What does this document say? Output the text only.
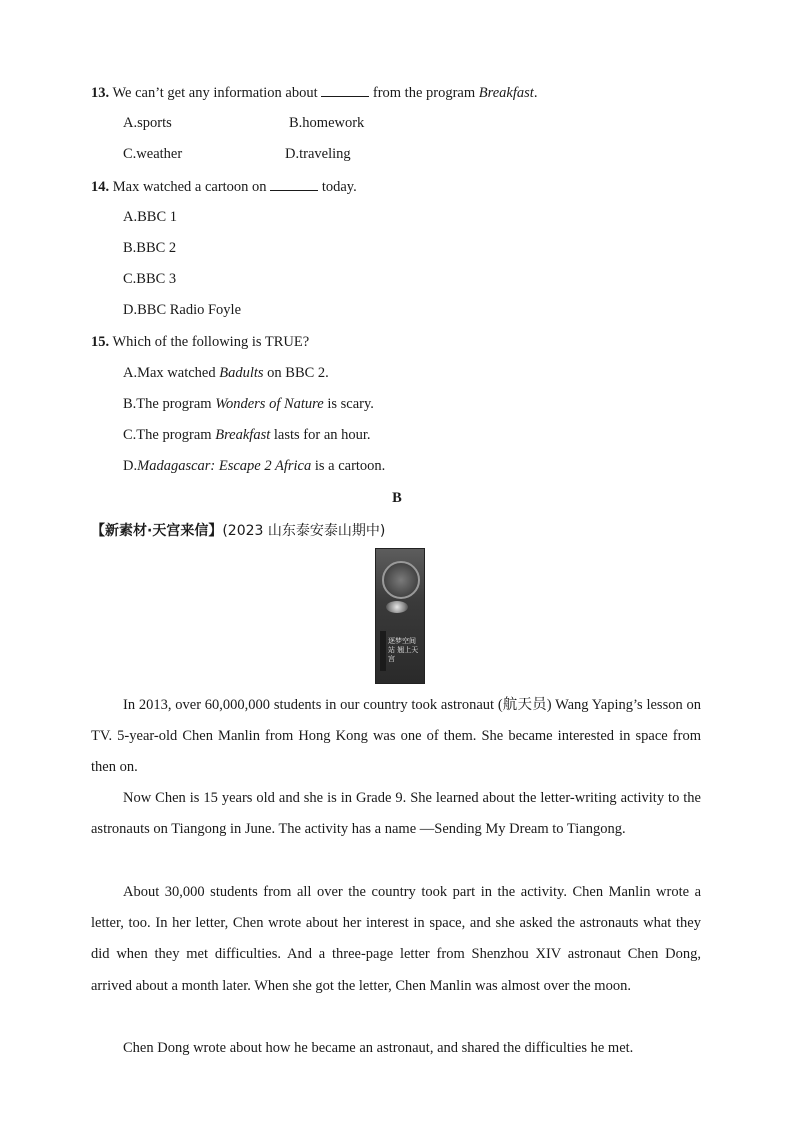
13. We can’t get any information about	from the program Breakfast.
A.sports	B.homework
C.weather	D.traveling
14. Max watched a cartoon on	today.
A.BBC 1
B.BBC 2
C.BBC 3
D.BBC Radio Foyle
15. Which of the following is TRUE?
A.Max watched Badults on BBC 2.
B.The program Wonders of Nature is scary.
C.The program Breakfast lasts for an hour.
D.Madagascar: Escape 2 Africa is a cartoon.
B
【新素材·天宫来信】(2023 山东泰安泰山期中)
逐梦空间站 翘上天宫
In 2013, over 60,000,000 students in our country took astronaut (航天员) Wang Yaping’s lesson on TV. 5-year-old Chen Manlin from Hong Kong was one of them. She became interested in space from then on.
Now Chen is 15 years old and she is in Grade 9. She learned about the letter-writing activity to the astronauts on Tiangong in June. The activity has a name —Sending My Dream to Tiangong.
About 30,000 students from all over the country took part in the activity. Chen Manlin wrote a letter, too. In her letter, Chen wrote about her interest in space, and she asked the astronauts what they did when they met difficulties. And a three-page letter from Shenzhou XIV astronaut Chen Dong, arrived about a month later. When she got the letter, Chen Manlin was almost over the moon.
Chen Dong wrote about how he became an astronaut, and shared the difficulties he met.
